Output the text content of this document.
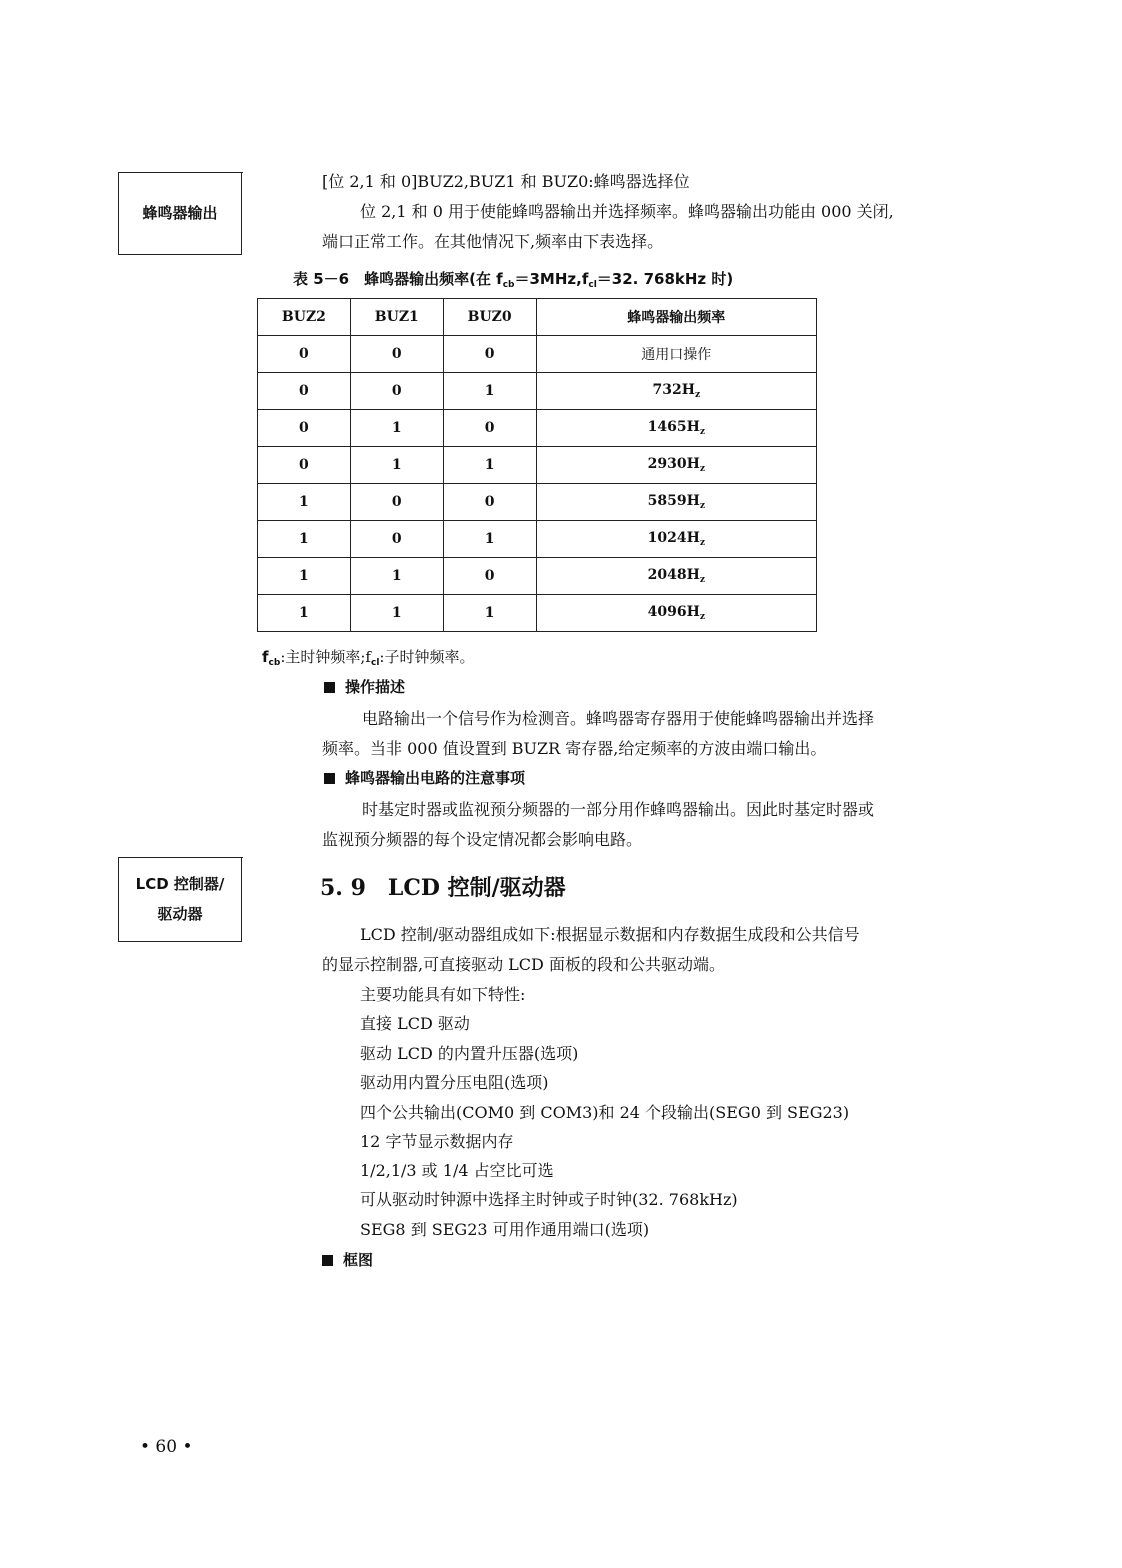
蜂鸣器输出
LCD 控制器/
驱动器
[位 2,1 和 0]BUZ2,BUZ1 和 BUZ0:蜂鸣器选择位
位 2,1 和 0 用于使能蜂鸣器输出并选择频率。蜂鸣器输出功能由 000 关闭,
端口正常工作。在其他情况下,频率由下表选择。
表 5－6　蜂鸣器输出频率(在 $f_{cb}=3MHz,f_{cl}=32$. 768kHz 时)
BUZ2	BUZ1	BUZ0	蜂鸣器输出频率
0	0	0	通用口操作
0	0	1	$732H_z$
0	1	0	$1465H_z$
0	1	1	$2930H_z$
1	0	0	$5859H_z$
1	0	1	$1024H_z$
1	1	0	$2048H_z$
1	1	1	$4096H_z$
$f_{cb}$:主时钟频率$;f_{cl}$:子时钟频率。
操作描述
电路输出一个信号作为检测音。蜂鸣器寄存器用于使能蜂鸣器输出并选择
频率。当非 000 值设置到 BUZR 寄存器,给定频率的方波由端口输出。
蜂鸣器输出电路的注意事项
时基定时器或监视预分频器的一部分用作蜂鸣器输出。因此时基定时器或
监视预分频器的每个设定情况都会影响电路。
5. 9　LCD 控制/驱动器
LCD 控制/驱动器组成如下:根据显示数据和内存数据生成段和公共信号
的显示控制器,可直接驱动 LCD 面板的段和公共驱动端。
主要功能具有如下特性:
直接 LCD 驱动
驱动 LCD 的内置升压器(选项)
驱动用内置分压电阻(选项)
四个公共输出(COM0 到 COM3)和 24 个段输出(SEG0 到 SEG23)
12 字节显示数据内存
1/2,1/3 或 1/4 占空比可选
可从驱动时钟源中选择主时钟或子时钟(32. 768kHz)
SEG8 到 SEG23 可用作通用端口(选项)
框图
• 60 •
